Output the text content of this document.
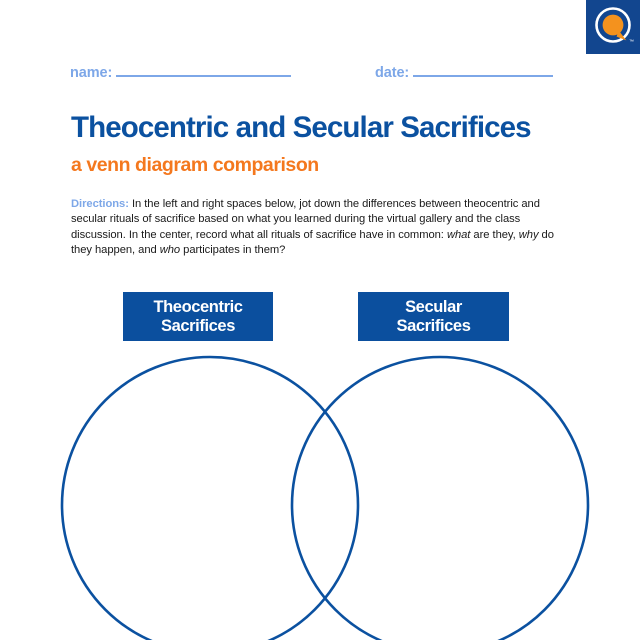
™
name:	date:
Theocentric and Secular Sacrifices
a venn diagram comparison
Directions: In the left and right spaces below, jot down the differences between theocentric and secular rituals of sacrifice based on what you learned during the virtual gallery and the class discussion. In the center, record what all rituals of sacrifice have in common: what are they, why do they happen, and who participates in them?
Theocentric
Sacrifices
Secular
Sacrifices
